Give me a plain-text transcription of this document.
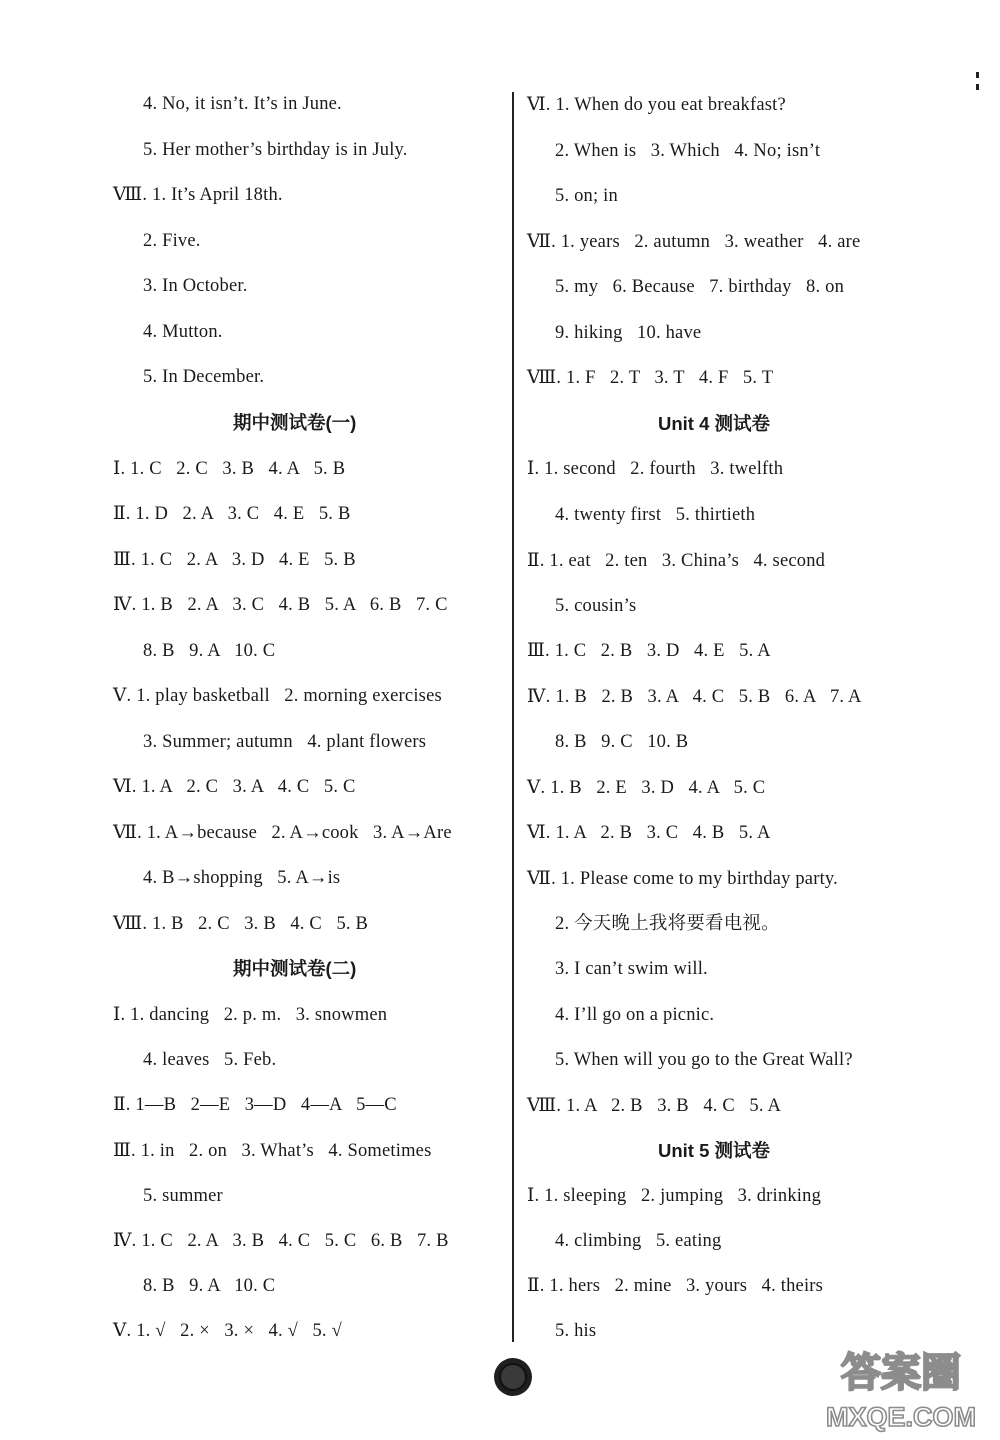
4. No, it isn’t. It’s in June.
5. Her mother’s birthday is in July.
Ⅷ. 1. It’s April 18th.
2. Five.
3. In October.
4. Mutton.
5. In December.
期中测试卷(一)
Ⅰ. 1. C   2. C   3. B   4. A   5. B
Ⅱ. 1. D   2. A   3. C   4. E   5. B
Ⅲ. 1. C   2. A   3. D   4. E   5. B
Ⅳ. 1. B   2. A   3. C   4. B   5. A   6. B   7. C
8. B   9. A   10. C
Ⅴ. 1. play basketball   2. morning exercises
3. Summer; autumn   4. plant flowers
Ⅵ. 1. A   2. C   3. A   4. C   5. C
Ⅶ. 1. A→because   2. A→cook   3. A→Are
4. B→shopping   5. A→is
Ⅷ. 1. B   2. C   3. B   4. C   5. B
期中测试卷(二)
Ⅰ. 1. dancing   2. p. m.   3. snowmen
4. leaves   5. Feb.
Ⅱ. 1—B   2—E   3—D   4—A   5—C
Ⅲ. 1. in   2. on   3. What’s   4. Sometimes
5. summer
Ⅳ. 1. C   2. A   3. B   4. C   5. C   6. B   7. B
8. B   9. A   10. C
Ⅴ. 1. √   2. ×   3. ×   4. √   5. √
Ⅵ. 1. When do you eat breakfast?
2. When is   3. Which   4. No; isn’t
5. on; in
Ⅶ. 1. years   2. autumn   3. weather   4. are
5. my   6. Because   7. birthday   8. on
9. hiking   10. have
Ⅷ. 1. F   2. T   3. T   4. F   5. T
Unit 4 测试卷
Ⅰ. 1. second   2. fourth   3. twelfth
4. twenty first   5. thirtieth
Ⅱ. 1. eat   2. ten   3. China’s   4. second
5. cousin’s
Ⅲ. 1. C   2. B   3. D   4. E   5. A
Ⅳ. 1. B   2. B   3. A   4. C   5. B   6. A   7. A
8. B   9. C   10. B
Ⅴ. 1. B   2. E   3. D   4. A   5. C
Ⅵ. 1. A   2. B   3. C   4. B   5. A
Ⅶ. 1. Please come to my birthday party.
2. 今天晚上我将要看电视。
3. I can’t swim will.
4. I’ll go on a picnic.
5. When will you go to the Great Wall?
Ⅷ. 1. A   2. B   3. B   4. C   5. A
Unit 5 测试卷
Ⅰ. 1. sleeping   2. jumping   3. drinking
4. climbing   5. eating
Ⅱ. 1. hers   2. mine   3. yours   4. theirs
5. his
答案圈
MXQE.COM
